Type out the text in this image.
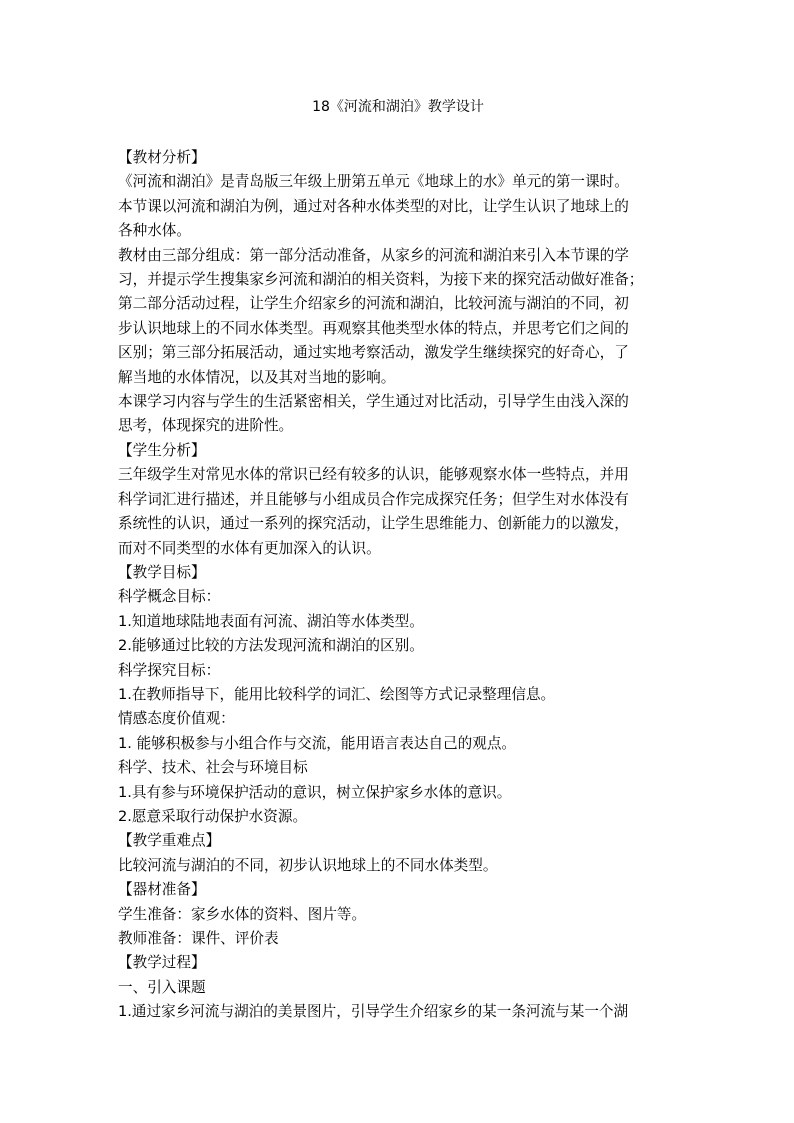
18《河流和湖泊》教学设计

【教材分析】

《河流和湖泊》是青岛版三年级上册第五单元《地球上的水》单元的第一课时。

本节课以河流和湖泊为例，通过对各种水体类型的对比，让学生认识了地球上的

各种水体。

教材由三部分组成：第一部分活动准备，从家乡的河流和湖泊来引入本节课的学

习，并提示学生搜集家乡河流和湖泊的相关资料，为接下来的探究活动做好准备；

第二部分活动过程，让学生介绍家乡的河流和湖泊，比较河流与湖泊的不同，初

步认识地球上的不同水体类型。再观察其他类型水体的特点，并思考它们之间的

区别；第三部分拓展活动，通过实地考察活动，激发学生继续探究的好奇心，了

解当地的水体情况，以及其对当地的影响。

本课学习内容与学生的生活紧密相关，学生通过对比活动，引导学生由浅入深的

思考，体现探究的进阶性。

【学生分析】

三年级学生对常见水体的常识已经有较多的认识，能够观察水体一些特点，并用

科学词汇进行描述，并且能够与小组成员合作完成探究任务；但学生对水体没有

系统性的认识，通过一系列的探究活动，让学生思维能力、创新能力的以激发，

而对不同类型的水体有更加深入的认识。

【教学目标】

科学概念目标：

1.知道地球陆地表面有河流、湖泊等水体类型。

2.能够通过比较的方法发现河流和湖泊的区别。

科学探究目标：

1.在教师指导下，能用比较科学的词汇、绘图等方式记录整理信息。

情感态度价值观：

1. 能够积极参与小组合作与交流，能用语言表达自己的观点。

科学、技术、社会与环境目标

1.具有参与环境保护活动的意识，树立保护家乡水体的意识。

2.愿意采取行动保护水资源。

【教学重难点】

比较河流与湖泊的不同，初步认识地球上的不同水体类型。

【器材准备】

学生准备：家乡水体的资料、图片等。

教师准备：课件、评价表

【教学过程】

一、引入课题

1.通过家乡河流与湖泊的美景图片，引导学生介绍家乡的某一条河流与某一个湖
